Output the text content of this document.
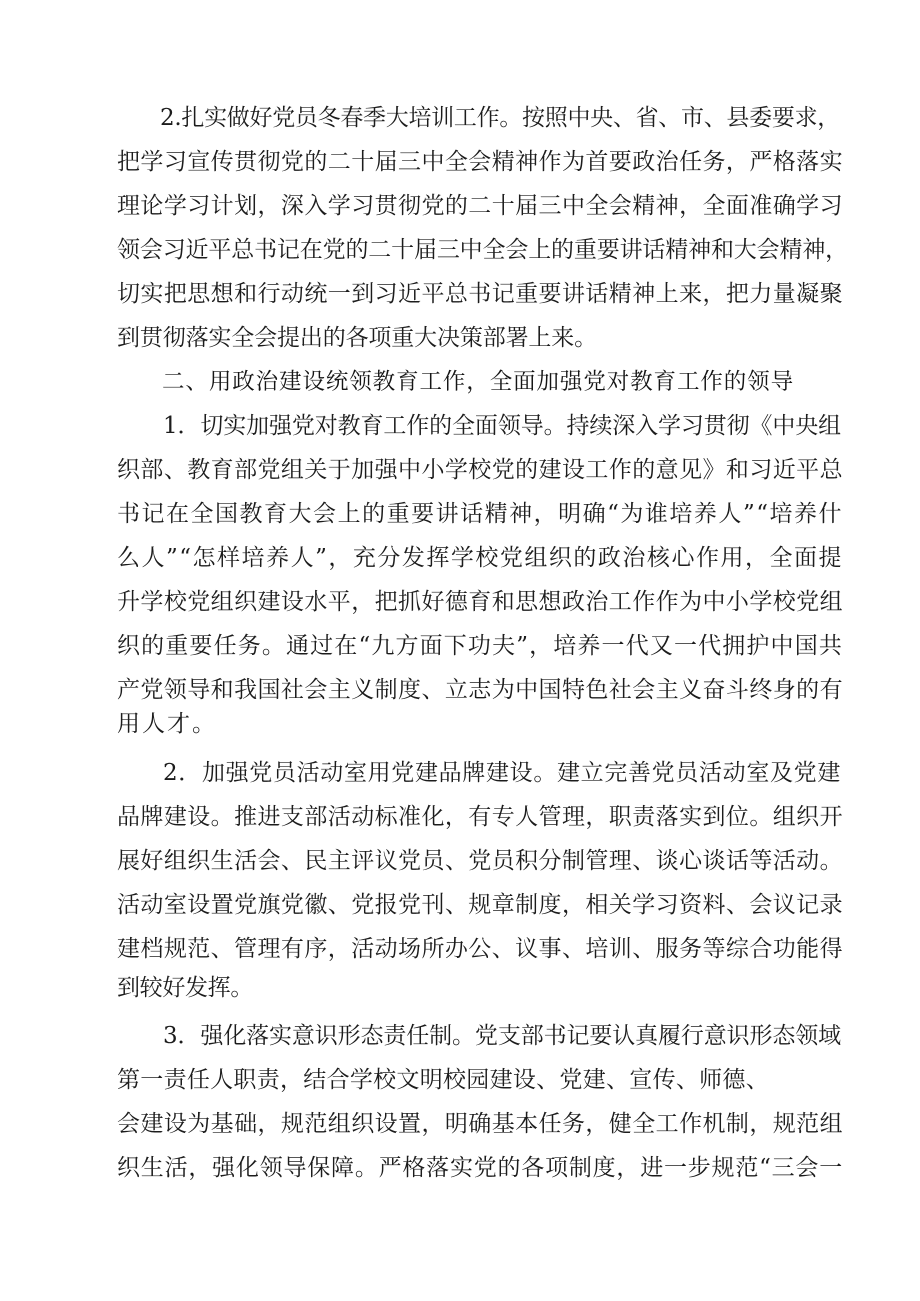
2.扎实做好党员冬春季大培训工作。按照中央、省、市、县委要求，

把学习宣传贯彻党的二十届三中全会精神作为首要政治任务，严格落实

理论学习计划，深入学习贯彻党的二十届三中全会精神，全面准确学习

领会习近平总书记在党的二十届三中全会上的重要讲话精神和大会精神，

切实把思想和行动统一到习近平总书记重要讲话精神上来，把力量凝聚

到贯彻落实全会提出的各项重大决策部署上来。

二、用政治建设统领教育工作，全面加强党对教育工作的领导

1．切实加强党对教育工作的全面领导。持续深入学习贯彻《中央组

织部、教育部党组关于加强中小学校党的建设工作的意见》和习近平总

书记在全国教育大会上的重要讲话精神，明确“为谁培养人”“培养什

么人”“怎样培养人”，充分发挥学校党组织的政治核心作用，全面提

升学校党组织建设水平，把抓好德育和思想政治工作作为中小学校党组

织的重要任务。通过在“九方面下功夫”，培养一代又一代拥护中国共

产党领导和我国社会主义制度、立志为中国特色社会主义奋斗终身的有

用人才。

2．加强党员活动室用党建品牌建设。建立完善党员活动室及党建

品牌建设。推进支部活动标准化，有专人管理，职责落实到位。组织开

展好组织生活会、民主评议党员、党员积分制管理、谈心谈话等活动。

活动室设置党旗党徽、党报党刊、规章制度，相关学习资料、会议记录

建档规范、管理有序，活动场所办公、议事、培训、服务等综合功能得

到较好发挥。

3．强化落实意识形态责任制。党支部书记要认真履行意识形态领域

第一责任人职责，结合学校文明校园建设、党建、宣传、师德、

会建设为基础，规范组织设置，明确基本任务，健全工作机制，规范组

织生活，强化领导保障。严格落实党的各项制度，进一步规范“三会一
